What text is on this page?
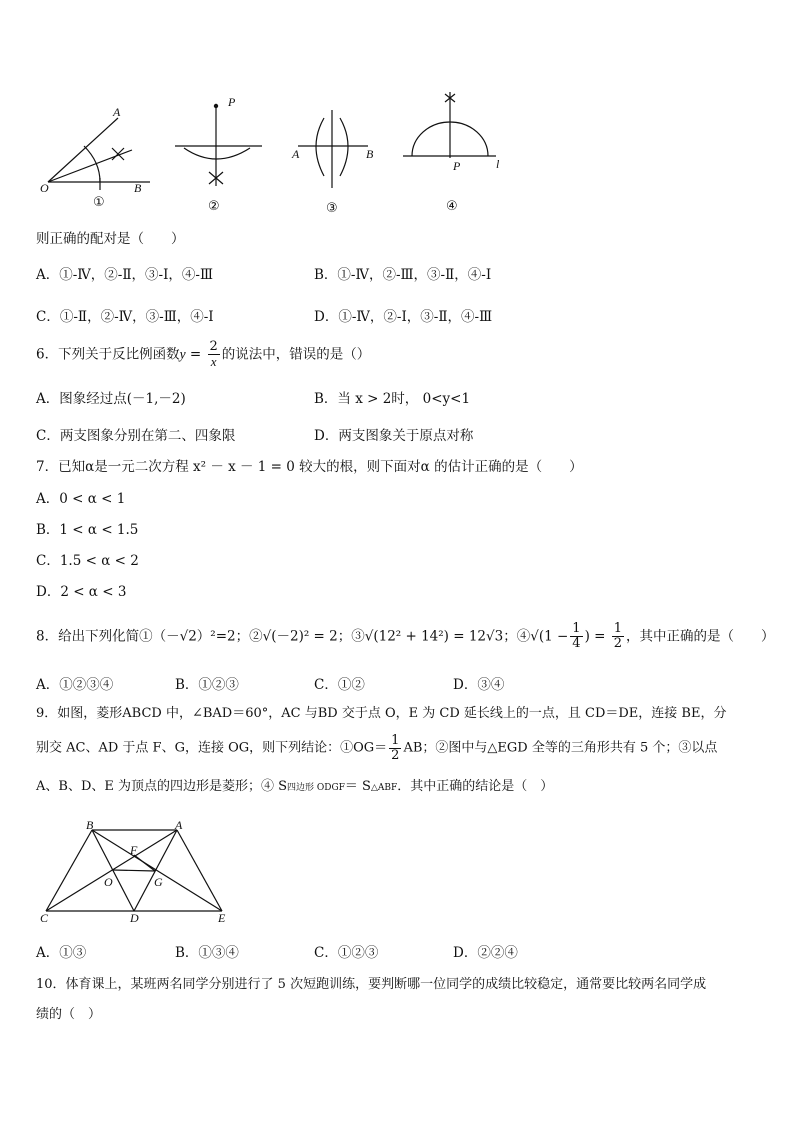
A
O	B
①
P
②
A	B
③
P	l
④
则正确的配对是（　　）
A．①-Ⅳ，②-Ⅱ，③-Ⅰ，④-Ⅲ	B．①-Ⅳ，②-Ⅲ，③-Ⅱ，④-Ⅰ
C．①-Ⅱ，②-Ⅳ，③-Ⅲ，④-Ⅰ	D．①-Ⅳ，②-Ⅰ，③-Ⅱ，④-Ⅲ
6．下列关于反比例函数$y = \frac{2}{x}$ 的说法中，错误的是（）
A．图象经过点(－1,－2)	B．当 x > 2时， 0<y<1
C．两支图象分别在第二、四象限	D．两支图象关于原点对称
7．已知α是一元二次方程 x² － x － 1 = 0 较大的根，则下面对α 的估计正确的是（　　）
A．0 < α < 1
B．1 < α < 1.5
C．1.5 < α < 2
D．2 < α < 3
8．给出下列化简①（－√2）²=2；②√(－2)² = 2；③√(12² + 14²) = 12√3；④√(1 − $\frac{1}{4}$ ) = $\frac{1}{2}$ ，其中正确的是（　　）
A．①②③④	B．①②③	C．①②	D．③④
9．如图，菱形ABCD 中，∠BAD＝60°，AC 与BD 交于点 O，E 为 CD 延长线上的一点，且 CD＝DE，连接 BE，分
别交 AC、AD 于点 F、G，连接 OG，则下列结论：①OG＝ $\frac{1}{2}$ AB；②图中与△EGD 全等的三角形共有 5 个；③以点
A、B、D、E 为顶点的四边形是菱形；④ S四边形 ODGF＝ S△ABF．其中正确的结论是（　）
B	A
F
O	G
C	D	E
A．①③	B．①③④	C．①②③	D．②②④
10．体育课上，某班两名同学分别进行了 5 次短跑训练，要判断哪一位同学的成绩比较稳定，通常要比较两名同学成
绩的（　）
